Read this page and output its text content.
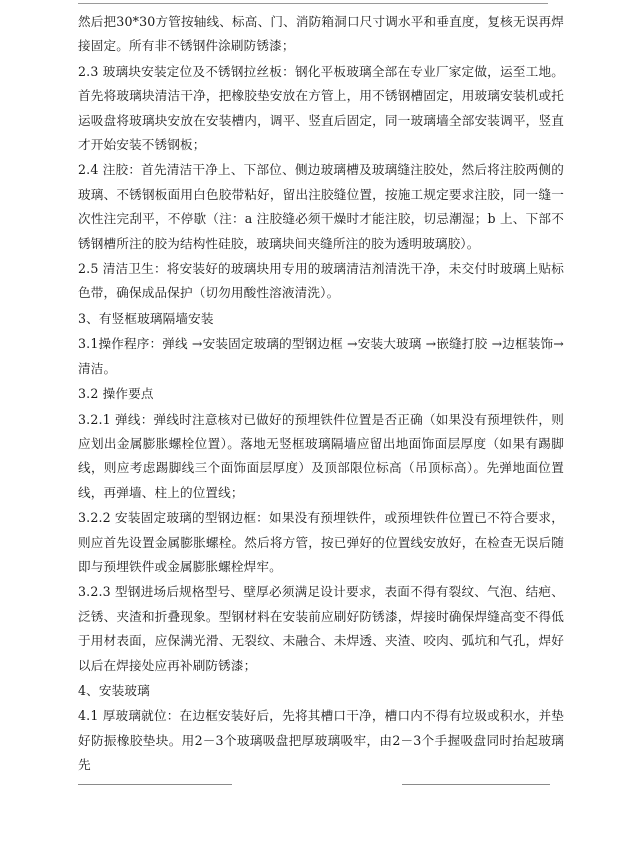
然后把30*30方管按轴线、标高、门、消防箱洞口尺寸调水平和垂直度，复核无误再焊接固定。所有非不锈钢件涂刷防锈漆；

2.3 玻璃块安装定位及不锈钢拉丝板：钢化平板玻璃全部在专业厂家定做，运至工地。首先将玻璃块清洁干净，把橡胶垫安放在方管上，用不锈钢槽固定，用玻璃安装机或托运吸盘将玻璃块安放在安装槽内，调平、竖直后固定，同一玻璃墙全部安装调平，竖直才开始安装不锈钢板；

2.4 注胶：首先清洁干净上、下部位、侧边玻璃槽及玻璃缝注胶处，然后将注胶两侧的玻璃、不锈钢板面用白色胶带粘好，留出注胶缝位置，按施工规定要求注胶，同一缝一次性注完刮平，不停歇（注：a 注胶缝必须干燥时才能注胶，切忌潮湿；b 上、下部不锈钢槽所注的胶为结构性硅胶，玻璃块间夹缝所注的胶为透明玻璃胶）。

2.5 清洁卫生：将安装好的玻璃块用专用的玻璃清洁剂清洗干净，未交付时玻璃上贴标色带，确保成品保护（切勿用酸性溶液清洗）。

3、有竖框玻璃隔墙安装

3.1操作程序：弹线 →安装固定玻璃的型钢边框 →安装大玻璃 →嵌缝打胶 →边框装饰→清洁。

3.2 操作要点

3.2.1 弹线：弹线时注意核对已做好的预埋铁件位置是否正确（如果没有预埋铁件，则应划出金属膨胀螺栓位置）。落地无竖框玻璃隔墙应留出地面饰面层厚度（如果有踢脚线，则应考虑踢脚线三个面饰面层厚度）及顶部限位标高（吊顶标高）。先弹地面位置线，再弹墙、柱上的位置线；

3.2.2 安装固定玻璃的型钢边框：如果没有预埋铁件，或预埋铁件位置已不符合要求，则应首先设置金属膨胀螺栓。然后将方管，按已弹好的位置线安放好，在检查无误后随即与预埋铁件或金属膨胀螺栓焊牢。

3.2.3 型钢进场后规格型号、壁厚必须满足设计要求，表面不得有裂纹、气泡、结疤、泛锈、夹渣和折叠现象。型钢材料在安装前应刷好防锈漆，焊接时确保焊缝高变不得低于用材表面，应保满光滑、无裂纹、未融合、未焊透、夹渣、咬肉、弧坑和气孔，焊好以后在焊接处应再补刷防锈漆；

4、安装玻璃

4.1 厚玻璃就位：在边框安装好后，先将其槽口干净，槽口内不得有垃圾或积水，并垫好防振橡胶垫块。用2－3个玻璃吸盘把厚玻璃吸牢，由2－3个手握吸盘同时抬起玻璃先
